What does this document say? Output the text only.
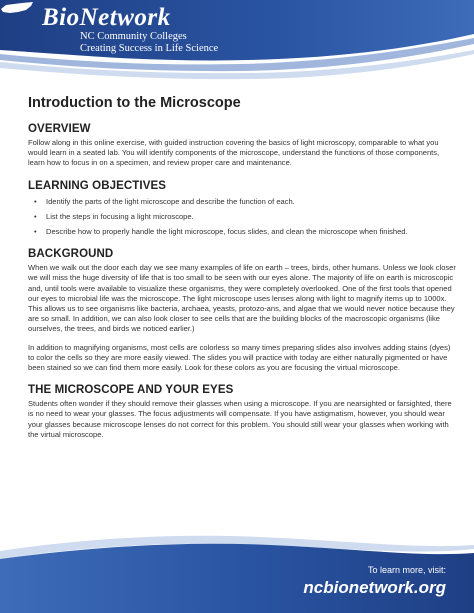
BioNetwork
NC Community Colleges
Creating Success in Life Science
Introduction to the Microscope
OVERVIEW

Follow along in this online exercise, with guided instruction covering the basics of light microscopy, comparable to what you would learn in a seated lab. You will identify components of the microscope, understand the functions of those components, learn how to focus in on a specimen, and review proper care and maintenance.

LEARNING OBJECTIVES
• Identify the parts of the light microscope and describe the function of each.
• List the steps in focusing a light microscope.
• Describe how to properly handle the light microscope, focus slides, and clean the microscope when finished.
BACKGROUND

When we walk out the door each day we see many examples of life on earth – trees, birds, other humans. Unless we look closer we will miss the huge diversity of life that is too small to be seen with our eyes alone. The majority of life on earth is microscopic and, until tools were available to visualize these organisms, they were completely overlooked. One of the first tools that opened our eyes to microbial life was the microscope. The light microscope uses lenses along with light to magnify items up to 1000x. This allows us to see organisms like bacteria, archaea, yeasts, protozo-ans, and algae that we would never notice because they are so small. In addition, we can also look closer to see cells that are the building blocks of the macroscopic organisms (like ourselves, the trees, and birds we noticed earlier.)

In addition to magnifying organisms, most cells are colorless so many times preparing slides also involves adding stains (dyes) to color the cells so they are more easily viewed. The slides you will practice with today are either naturally pigmented or have been stained so we can find them more easily. Look for these colors as you are focusing the virtual microscope.

THE MICROSCOPE AND YOUR EYES

Students often wonder if they should remove their glasses when using a microscope. If you are nearsighted or farsighted, there is no need to wear your glasses. The focus adjustments will compensate. If you have astigmatism, however, you should wear your glasses because microscope lenses do not correct for this problem. You should still wear your glasses when working with the virtual microscope.

To learn more, visit:
ncbionetwork.org
